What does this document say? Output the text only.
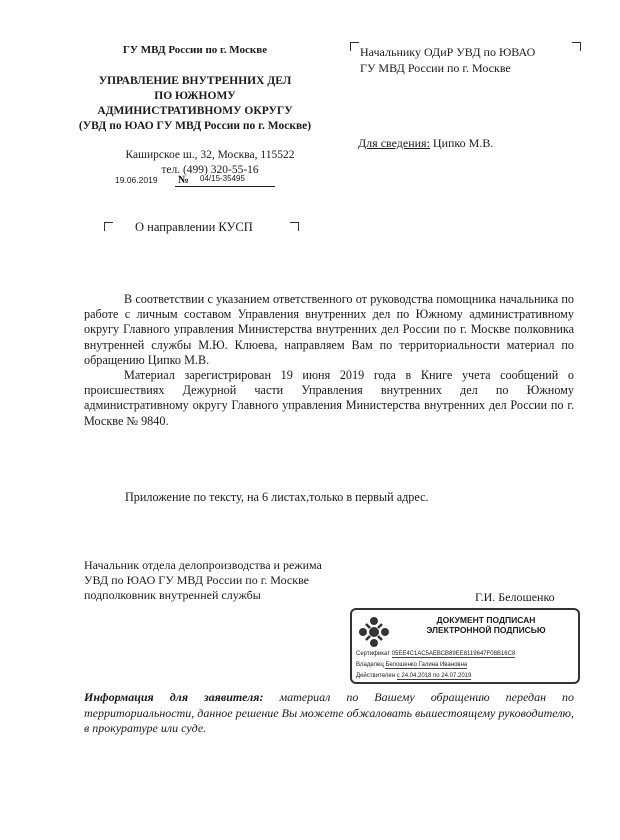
ГУ МВД России по г. Москве
УПРАВЛЕНИЕ ВНУТРЕННИХ ДЕЛ
ПО ЮЖНОМУ
АДМИНИСТРАТИВНОМУ ОКРУГУ
(УВД по ЮАО ГУ МВД России по г. Москве)
Каширское ш., 32, Москва, 115522
тел. (499) 320-55-16
19.06.2019 № 04/15-35495
Начальнику ОДиР УВД по ЮВАО
ГУ МВД России по г. Москве
Для сведения: Ципко М.В.
О направлении КУСП

В соответствии с указанием ответственного от руководства помощника начальника по работе с личным составом Управления внутренних дел по Южному административному округу Главного управления Министерства внутренних дел России по г. Москве полковника внутренней службы М.Ю. Клюева, направляем Вам по территориальности материал по обращению Ципко М.В.

Материал зарегистрирован 19 июня 2019 года в Книге учета сообщений о происшествиях Дежурной части Управления внутренних дел по Южному административному округу Главного управления Министерства внутренних дел России по г. Москве № 9840.

Приложение по тексту, на 6 листах,только в первый адрес.
Начальник отдела делопроизводства и режима
УВД по ЮАО ГУ МВД России по г. Москве
подполковник внутренней службы	Г.И. Белошенко
ДОКУМЕНТ ПОДПИСАН
ЭЛЕКТРОННОЙ ПОДПИСЬЮ
Сертификат 05ЕЕ4С1АС5АЕВСВ89ЕЕ8119647F08В16С8
Владелец Белошенко Галина Ивановна
Действителен с 24.04.2018 по 24.07.2019
Информация для заявителя: материал по Вашему обращению передан по территориальности, данное решение Вы можете обжаловать вышестоящему руководителю, в прокуратуре или суде.
